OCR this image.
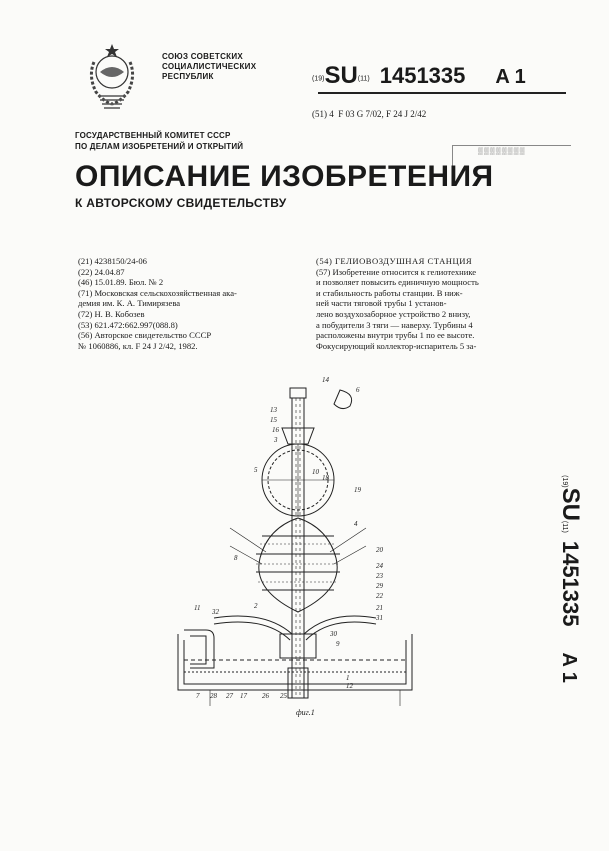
СОЮЗ СОВЕТСКИХ
СОЦИАЛИСТИЧЕСКИХ
РЕСПУБЛИК	(19)SU(11) 1451335 A 1
(51) 4 F 03 G 7/02, F 24 J 2/42
ГОСУДАРСТВЕННЫЙ КОМИТЕТ СССР
ПО ДЕЛАМ ИЗОБРЕТЕНИЙ И ОТКРЫТИЙ
▒▒▒▒▒▒▒▒
ОПИСАНИЕ ИЗОБРЕТЕНИЯ
К АВТОРСКОМУ СВИДЕТЕЛЬСТВУ
(21) 4238150/24-06
(22) 24.04.87
(46) 15.01.89. Бюл. № 2
(71) Московская сельскохозяйственная ака-
демия им. К. А. Тимирязева
(72) Н. В. Кобозев
(53) 621.472:662.997(088.8)
(56) Авторское свидетельство СССР
№ 1060886, кл. F 24 J 2/42, 1982.
(54) ГЕЛИОВОЗДУШНАЯ СТАНЦИЯ
(57) Изобретение относится к гелиотехнике
и позволяет повысить единичную мощность
и стабильность работы станции. В ниж-
ней части тяговой трубы 1 установ-
лено воздухозаборное устройство 2 внизу,
а побудители 3 тяги — наверху. Турбины 4
расположены внутри трубы 1 по ее высоте.
Фокусирующий коллектор-испаритель 5 за-
(19)SU(11)1451335A 1
14
6
13
15
16
3
10
18
5
19
4
8
20
24
23
29
22
21
31
30
11 32
2
9
7 28 27 17 26 25
12
1
фиг.1
